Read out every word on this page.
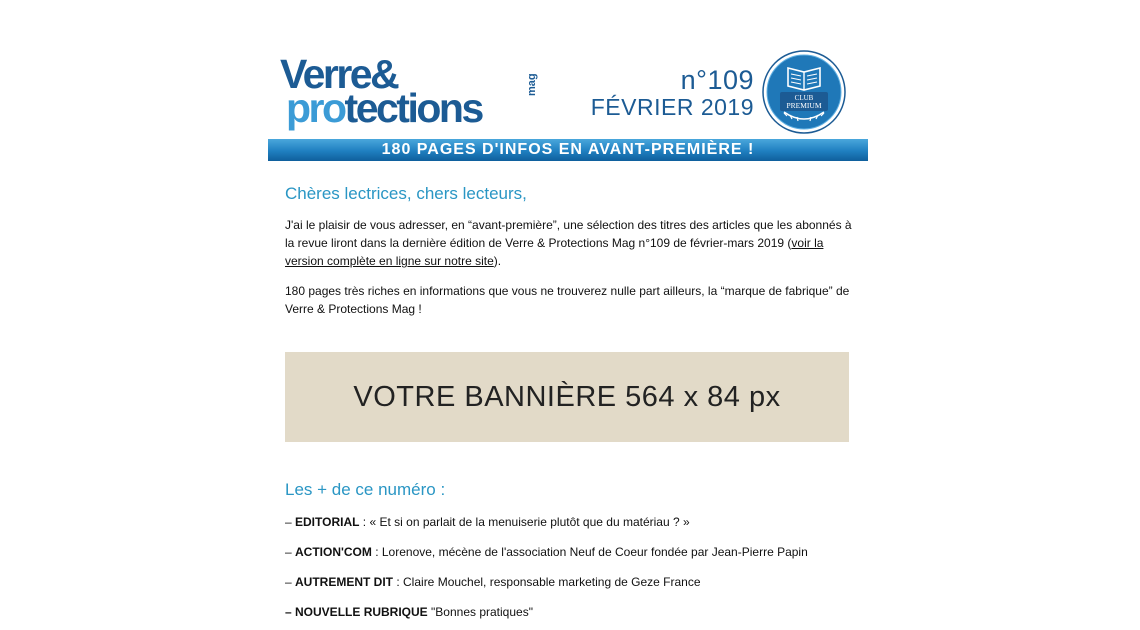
Verre&
protections
mag	n°109
FÉVRIER 2019	CLUB
PREMIUM
180 PAGES D'INFOS EN AVANT-PREMIÈRE !
Chères lectrices, chers lecteurs,

J'ai le plaisir de vous adresser, en “avant-première”, une sélection des titres des articles que les abonnés à la revue liront dans la dernière édition de Verre & Protections Mag n°109 de février-mars 2019 (voir la version complète en ligne sur notre site).

180 pages très riches en informations que vous ne trouverez nulle part ailleurs, la “marque de fabrique” de Verre & Protections Mag !

VOTRE BANNIÈRE 564 x 84 px
Les + de ce numéro :
– EDITORIAL : « Et si on parlait de la menuiserie plutôt que du matériau ? »
– ACTION'COM : Lorenove, mécène de l'association Neuf de Coeur fondée par Jean-Pierre Papin
– AUTREMENT DIT : Claire Mouchel, responsable marketing de Geze France
– NOUVELLE RUBRIQUE "Bonnes pratiques"
